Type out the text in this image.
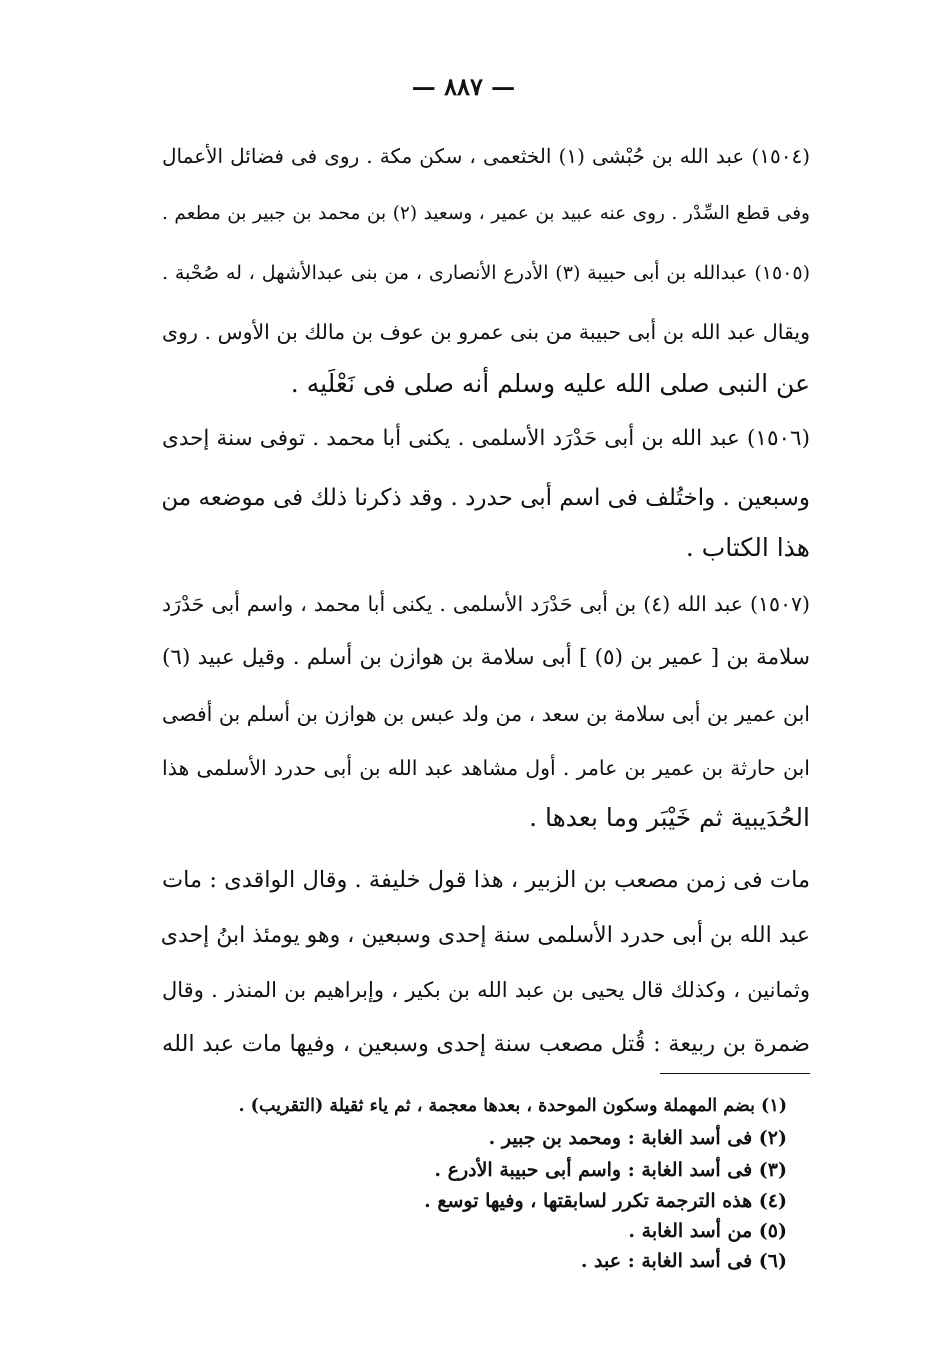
— ٨٨٧ —
(١٥٠٤) عبد الله بن حُبْشى (١) الخثعمى ، سكن مكة . روى فى فضائل الأعمال
وفى قطع السِّدْر . روى عنه عبيد بن عمير ، وسعيد (٢) بن محمد بن جبير بن مطعم .
(١٥٠٥) عبدالله بن أبى حبيبة (٣) الأدرع الأنصارى ، من بنى عبدالأشهل ، له صُحْبة .
ويقال عبد الله بن أبى حبيبة من بنى عمرو بن عوف بن مالك بن الأوس . روى
عن النبى صلى الله عليه وسلم أنه صلى فى نَعْلَيه .
(١٥٠٦) عبد الله بن أبى حَدْرَد الأسلمى . يكنى أبا محمد . توفى سنة إحدى
وسبعين . واختُلف فى اسم أبى حدرد . وقد ذكرنا ذلك فى موضعه من
هذا الكتاب .
(١٥٠٧) عبد الله (٤) بن أبى حَدْرَد الأسلمى . يكنى أبا محمد ، واسم أبى حَدْرَد
سلامة بن [ عمير بن (٥) ] أبى سلامة بن هوازن بن أسلم . وقيل عبيد (٦)
ابن عمير بن أبى سلامة بن سعد ، من ولد عبس بن هوازن بن أسلم بن أفصى
ابن حارثة بن عمير بن عامر . أول مشاهد عبد الله بن أبى حدرد الأسلمى هذا
الحُدَيبية ثم خَيْبَر وما بعدها .
مات فى زمن مصعب بن الزبير ، هذا قول خليفة . وقال الواقدى : مات
عبد الله بن أبى حدرد الأسلمى سنة إحدى وسبعين ، وهو يومئذ ابنُ إحدى
وثمانين ، وكذلك قال يحيى بن عبد الله بن بكير ، وإبراهيم بن المنذر . وقال
ضمرة بن ربيعة : قُتل مصعب سنة إحدى وسبعين ، وفيها مات عبد الله
(١) بضم المهملة وسكون الموحدة ، بعدها معجمة ، ثم ياء ثقيلة (التقريب) .
(٢) فى أسد الغابة : ومحمد بن جبير .
(٣) فى أسد الغابة : واسم أبى حبيبة الأدرع .
(٤) هذه الترجمة تكرر لسابقتها ، وفيها توسع .
(٥) من أسد الغابة .
(٦) فى أسد الغابة : عبد .
